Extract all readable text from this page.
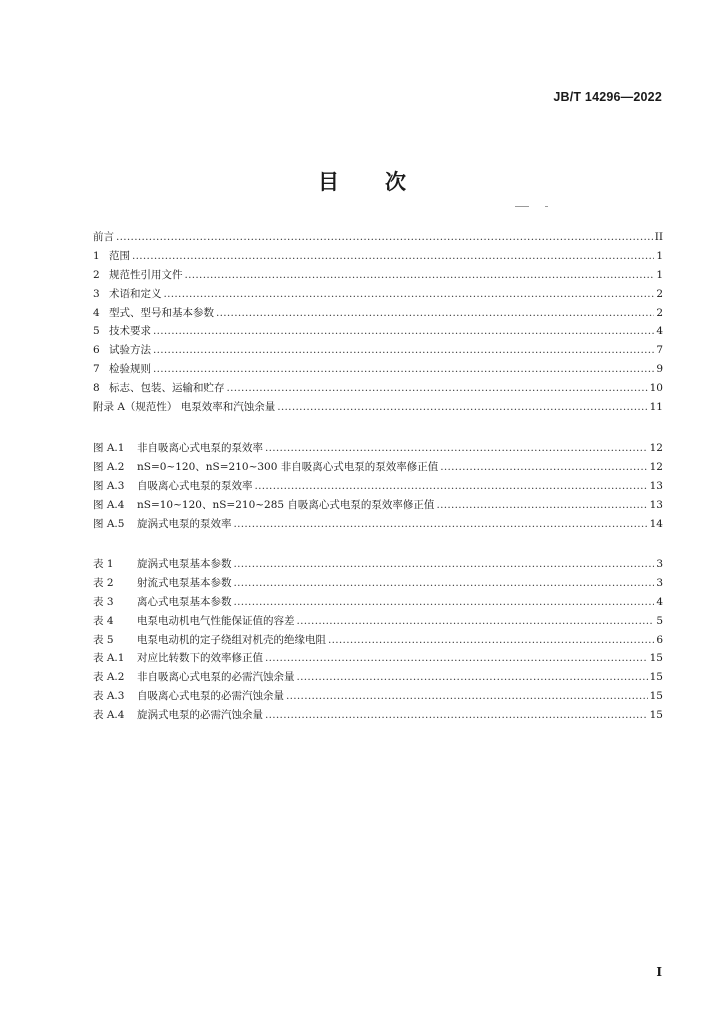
JB/T 14296—2022
目 次
前言 .....	II
1 范围 .....	1
2 规范性引用文件 .....	1
3 术语和定义 .....	2
4 型式、型号和基本参数 .....	2
5 技术要求 .....	4
6 试验方法 .....	7
7 检验规则 .....	9
8 标志、包装、运输和贮存 .....	10
附录 A（规范性） 电泵效率和汽蚀余量 .....	11
图 A.1	非自吸离心式电泵的泵效率 .....	12
图 A.2	nS=0~120、nS=210~300 非自吸离心式电泵的泵效率修正值 .....	12
图 A.3	自吸离心式电泵的泵效率 .....	13
图 A.4	nS=10~120、nS=210~285 自吸离心式电泵的泵效率修正值 .....	13
图 A.5	旋涡式电泵的泵效率 .....	14
表 1	旋涡式电泵基本参数 .....	3
表 2	射流式电泵基本参数 .....	3
表 3	离心式电泵基本参数 .....	4
表 4	电泵电动机电气性能保证值的容差 .....	5
表 5	电泵电动机的定子绕组对机壳的绝缘电阻 .....	6
表 A.1	对应比转数下的效率修正值 .....	15
表 A.2	非自吸离心式电泵的必需汽蚀余量 .....	15
表 A.3	自吸离心式电泵的必需汽蚀余量 .....	15
表 A.4	旋涡式电泵的必需汽蚀余量 .....	15
I
